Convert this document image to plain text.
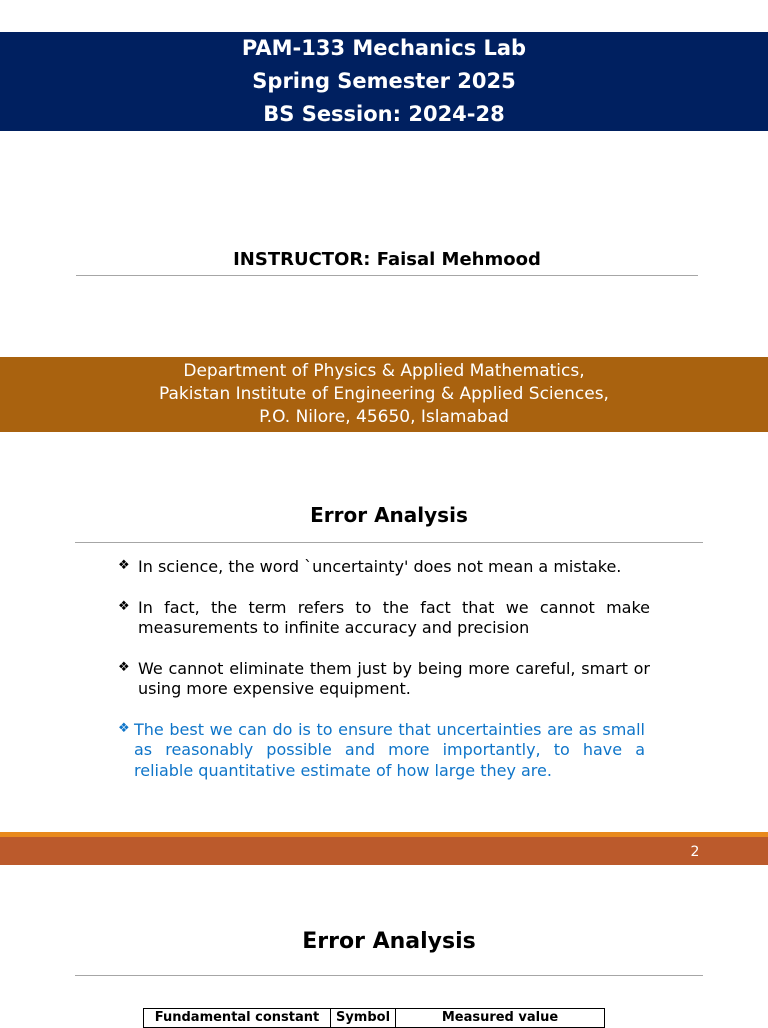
PAM-133 Mechanics Lab
Spring Semester 2025
BS Session: 2024-28
INSTRUCTOR: Faisal Mehmood
Department of Physics & Applied Mathematics,
Pakistan Institute of Engineering & Applied Sciences,
P.O. Nilore, 45650, Islamabad
Error Analysis
❖ In science, the word `uncertainty' does not mean a mistake.
❖ In fact, the term refers to the fact that we cannot make measurements to infinite accuracy and precision
❖ We cannot eliminate them just by being more careful, smart or using more expensive equipment.
❖ The best we can do is to ensure that uncertainties are as small as reasonably possible and more importantly, to have a reliable quantitative estimate of how large they are.
2
Error Analysis
Fundamental constant	Symbol	Measured value
